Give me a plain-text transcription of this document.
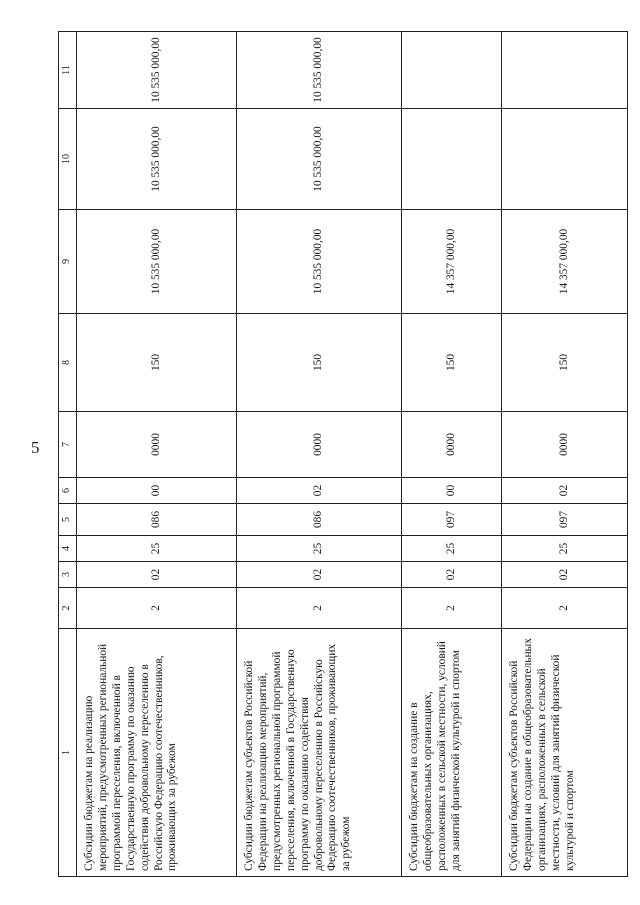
5
1	2	3	4	5	6	7	8	9	10	11
Субсидии бюджетам на реализацию мероприятий, предусмотренных региональной программой переселения, включенной в Государственную программу по оказанию содействия добровольному переселению в Российскую Федерацию соотечественников, проживающих за рубежом	2	02	25	086	00	0000	150	10 535 000,00	10 535 000,00	10 535 000,00
Субсидии бюджетам субъектов Российской Федерации на реализацию мероприятий, предусмотренных региональной программой переселения, включенной в Государственную программу по оказанию содействия добровольному переселению в Российскую Федерацию соотечественников, проживающих за рубежом	2	02	25	086	02	0000	150	10 535 000,00	10 535 000,00	10 535 000,00
Субсидии бюджетам на создание в общеобразовательных организациях, расположенных в сельской местности, условий для занятий физической культурой и спортом	2	02	25	097	00	0000	150	14 357 000,00		
Субсидии бюджетам субъектов Российской Федерации на создание в общеобразовательных организациях, расположенных в сельской местности, условий для занятий физической культурой и спортом	2	02	25	097	02	0000	150	14 357 000,00		
